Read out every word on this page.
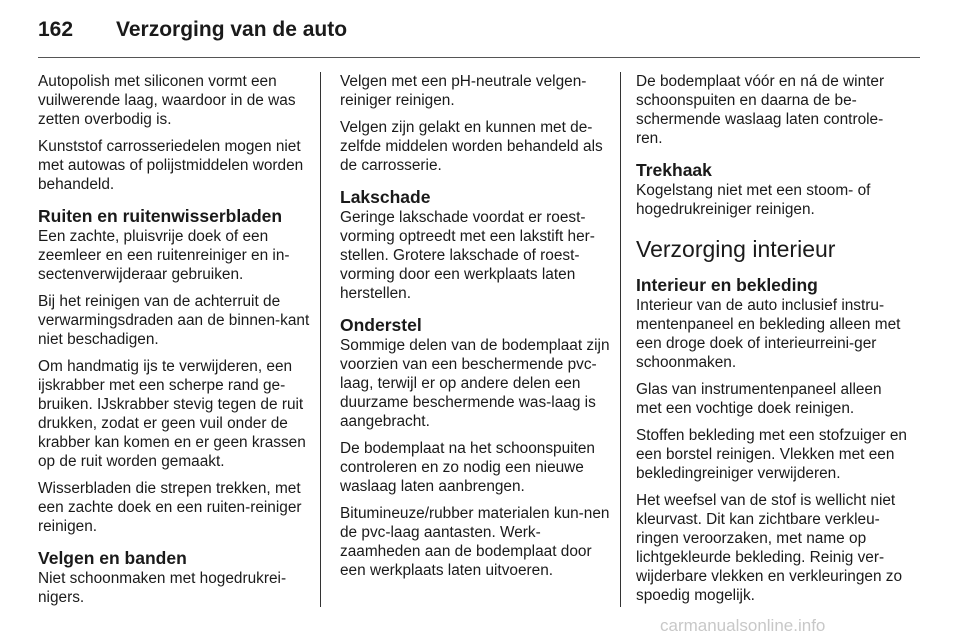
162 Verzorging van de auto

Autopolish met siliconen vormt een vuilwerende laag, waardoor in de was zetten overbodig is.

Kunststof carrosseriedelen mogen niet met autowas of polijstmiddelen worden behandeld.

Ruiten en ruitenwisserbladen

Een zachte, pluisvrije doek of een zeemleer en een ruitenreiniger en in-sectenverwijderaar gebruiken.

Bij het reinigen van de achterruit de verwarmingsdraden aan de binnen-kant niet beschadigen.

Om handmatig ijs te verwijderen, een ijskrabber met een scherpe rand ge-bruiken. IJskrabber stevig tegen de ruit drukken, zodat er geen vuil onder de krabber kan komen en er geen krassen op de ruit worden gemaakt.

Wisserbladen die strepen trekken, met een zachte doek en een ruiten-reiniger reinigen.

Velgen en banden

Niet schoonmaken met hogedrukrei-nigers.

Velgen met een pH-neutrale velgen-reiniger reinigen.

Velgen zijn gelakt en kunnen met de-zelfde middelen worden behandeld als de carrosserie.

Lakschade

Geringe lakschade voordat er roest-vorming optreedt met een lakstift her-stellen. Grotere lakschade of roest-vorming door een werkplaats laten herstellen.

Onderstel

Sommige delen van de bodemplaat zijn voorzien van een beschermende pvc-laag, terwijl er op andere delen een duurzame beschermende was-laag is aangebracht.

De bodemplaat na het schoonspuiten controleren en zo nodig een nieuwe waslaag laten aanbrengen.

Bitumineuze/rubber materialen kun-nen de pvc-laag aantasten. Werk-zaamheden aan de bodemplaat door een werkplaats laten uitvoeren.

De bodemplaat vóór en ná de winter schoonspuiten en daarna de be-schermende waslaag laten controle-ren.

Trekhaak

Kogelstang niet met een stoom- of hogedrukreiniger reinigen.

Verzorging interieur
Interieur en bekleding

Interieur van de auto inclusief instru-mentenpaneel en bekleding alleen met een droge doek of interieurreini-ger schoonmaken.

Glas van instrumentenpaneel alleen met een vochtige doek reinigen.

Stoffen bekleding met een stofzuiger en een borstel reinigen. Vlekken met een bekledingreiniger verwijderen.

Het weefsel van de stof is wellicht niet kleurvast. Dit kan zichtbare verkleu-ringen veroorzaken, met name op lichtgekleurde bekleding. Reinig ver-wijderbare vlekken en verkleuringen zo spoedig mogelijk.

carmanualsonline.info
